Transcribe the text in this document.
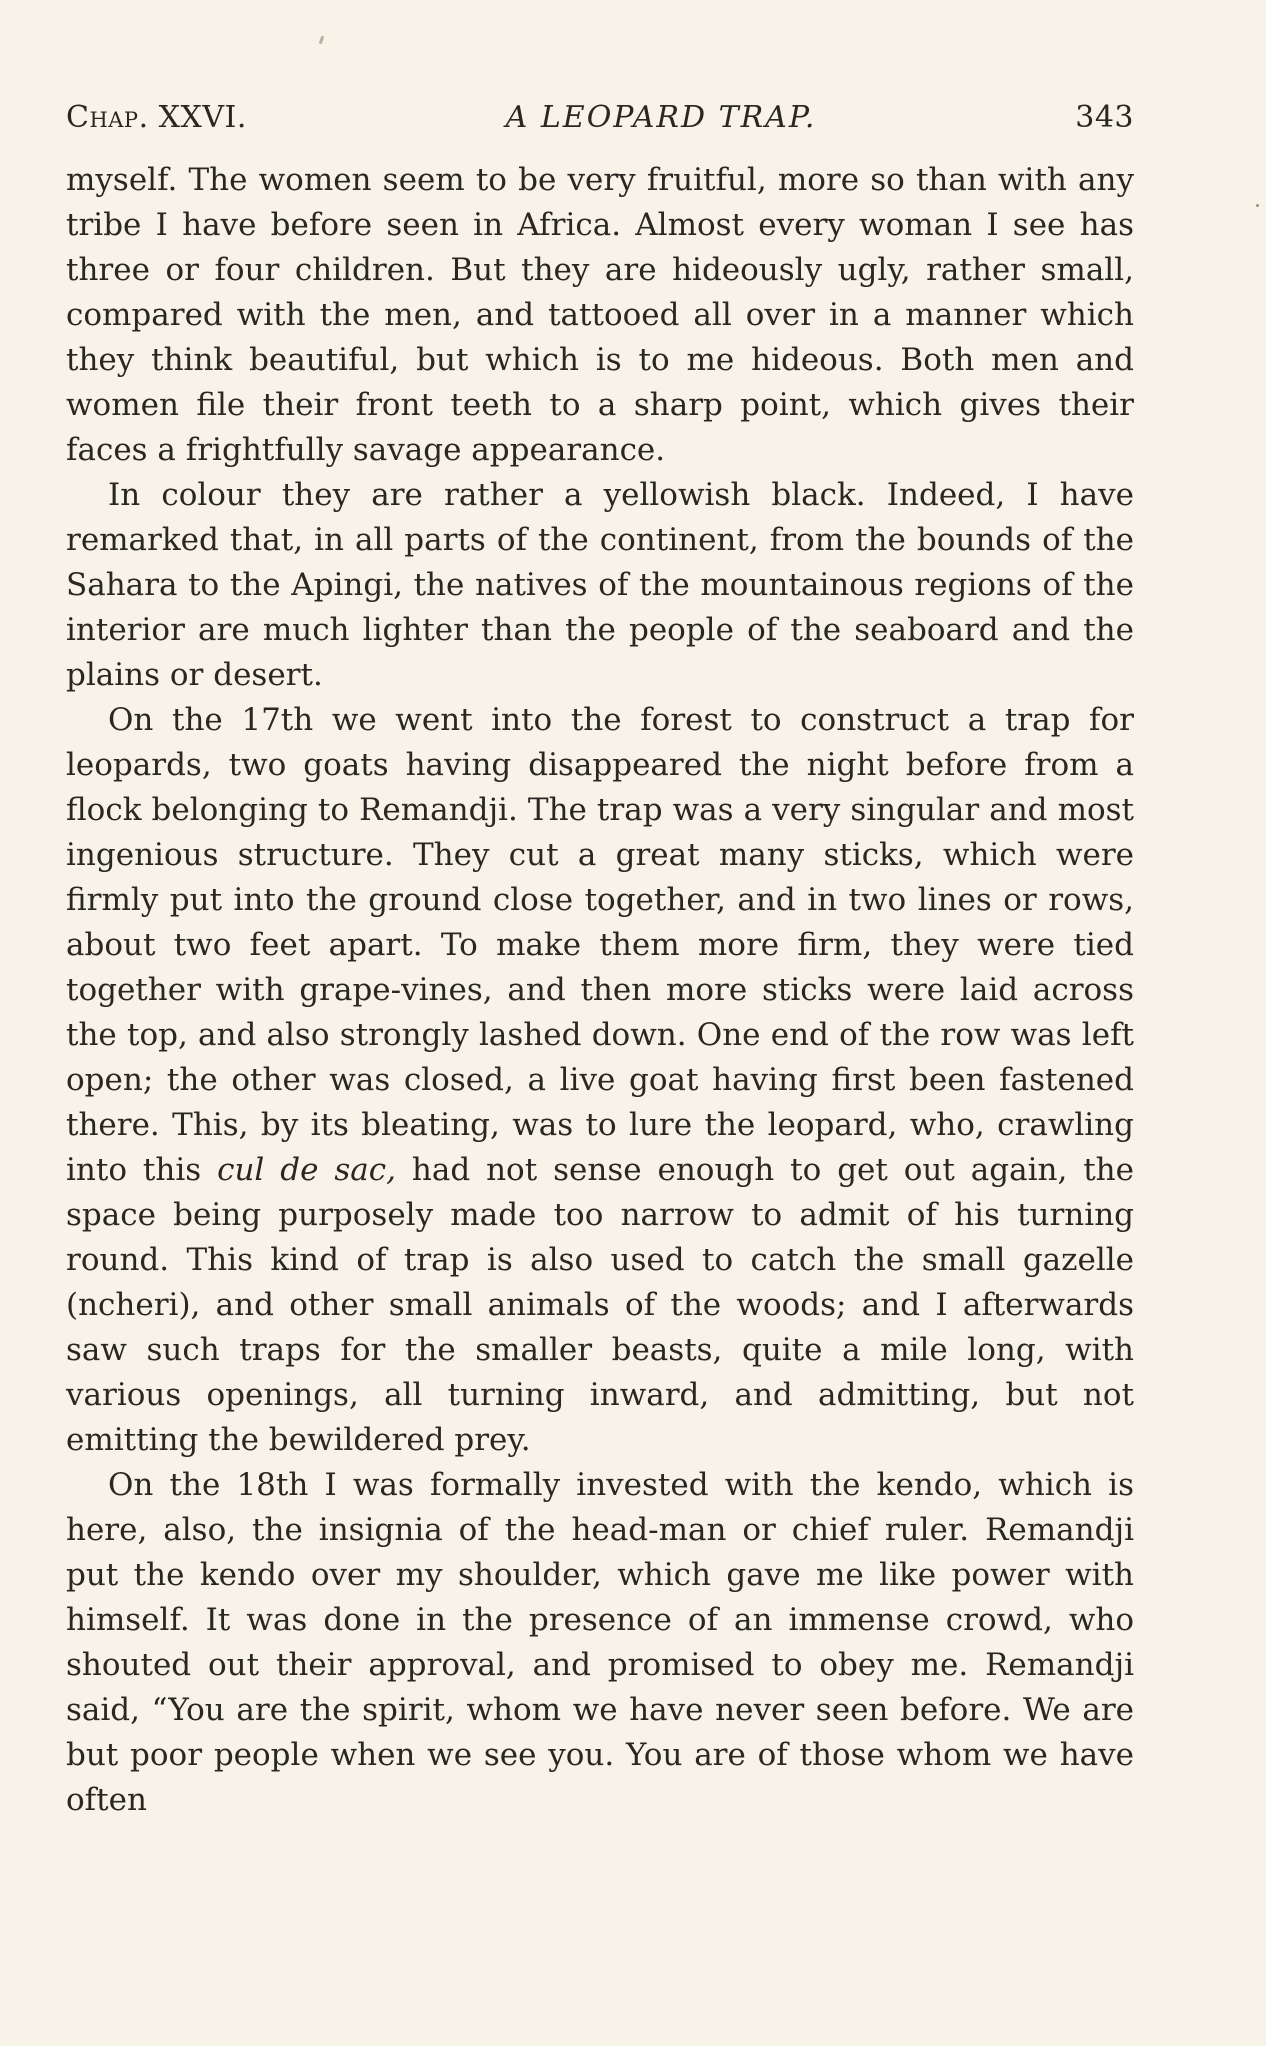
Chap. XXVI.	A LEOPARD TRAP.	343

myself. The women seem to be very fruitful, more so than with any tribe I have before seen in Africa. Almost every woman I see has three or four children. But they are hideously ugly, rather small, compared with the men, and tattooed all over in a manner which they think beautiful, but which is to me hideous. Both men and women file their front teeth to a sharp point, which gives their faces a frightfully savage appearance.

In colour they are rather a yellowish black. Indeed, I have remarked that, in all parts of the continent, from the bounds of the Sahara to the Apingi, the natives of the mountainous regions of the interior are much lighter than the people of the seaboard and the plains or desert.

On the 17th we went into the forest to construct a trap for leopards, two goats having disappeared the night before from a flock belonging to Remandji. The trap was a very singular and most ingenious structure. They cut a great many sticks, which were firmly put into the ground close together, and in two lines or rows, about two feet apart. To make them more firm, they were tied together with grape-vines, and then more sticks were laid across the top, and also strongly lashed down. One end of the row was left open; the other was closed, a live goat having first been fastened there. This, by its bleating, was to lure the leopard, who, crawling into this cul de sac, had not sense enough to get out again, the space being purposely made too narrow to admit of his turning round. This kind of trap is also used to catch the small gazelle (ncheri), and other small animals of the woods; and I afterwards saw such traps for the smaller beasts, quite a mile long, with various openings, all turning inward, and admitting, but not emitting the bewildered prey.

On the 18th I was formally invested with the kendo, which is here, also, the insignia of the head-man or chief ruler. Remandji put the kendo over my shoulder, which gave me like power with himself. It was done in the presence of an immense crowd, who shouted out their approval, and promised to obey me. Remandji said, “You are the spirit, whom we have never seen before. We are but poor people when we see you. You are of those whom we have often
